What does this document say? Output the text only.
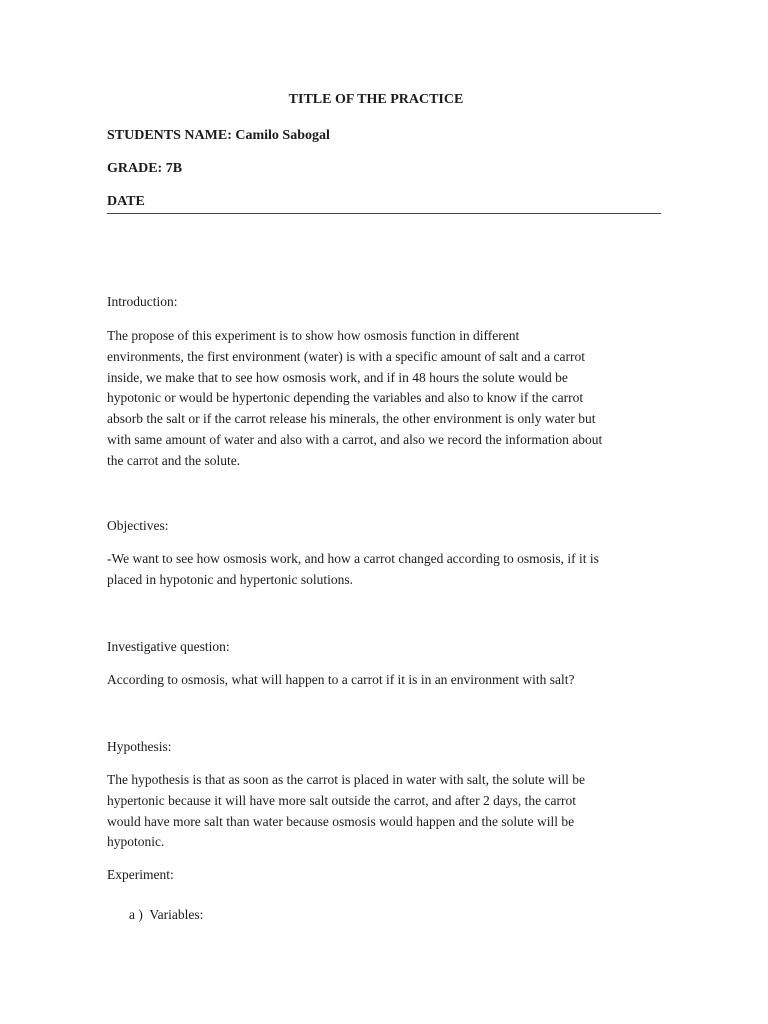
TITLE OF THE PRACTICE
STUDENTS NAME: Camilo Sabogal
GRADE: 7B
DATE
Introduction:

The propose of this experiment is to show how osmosis function in different
environments, the first environment (water) is with a specific amount of salt and a carrot
inside, we make that to see how osmosis work, and if in 48 hours the solute would be
hypotonic or would be hypertonic depending the variables and also to know if the carrot
absorb the salt or if the carrot release his minerals, the other environment is only water but
with same amount of water and also with a carrot, and also we record the information about
the carrot and the solute.

Objectives:

-We want to see how osmosis work, and how a carrot changed according to osmosis, if it is
placed in hypotonic and hypertonic solutions.

Investigative question:

According to osmosis, what will happen to a carrot if it is in an environment with salt?

Hypothesis:

The hypothesis is that as soon as the carrot is placed in water with salt, the solute will be
hypertonic because it will have more salt outside the carrot, and after 2 days, the carrot
would have more salt than water because osmosis would happen and the solute will be
hypotonic.

Experiment:
a ) Variables:
